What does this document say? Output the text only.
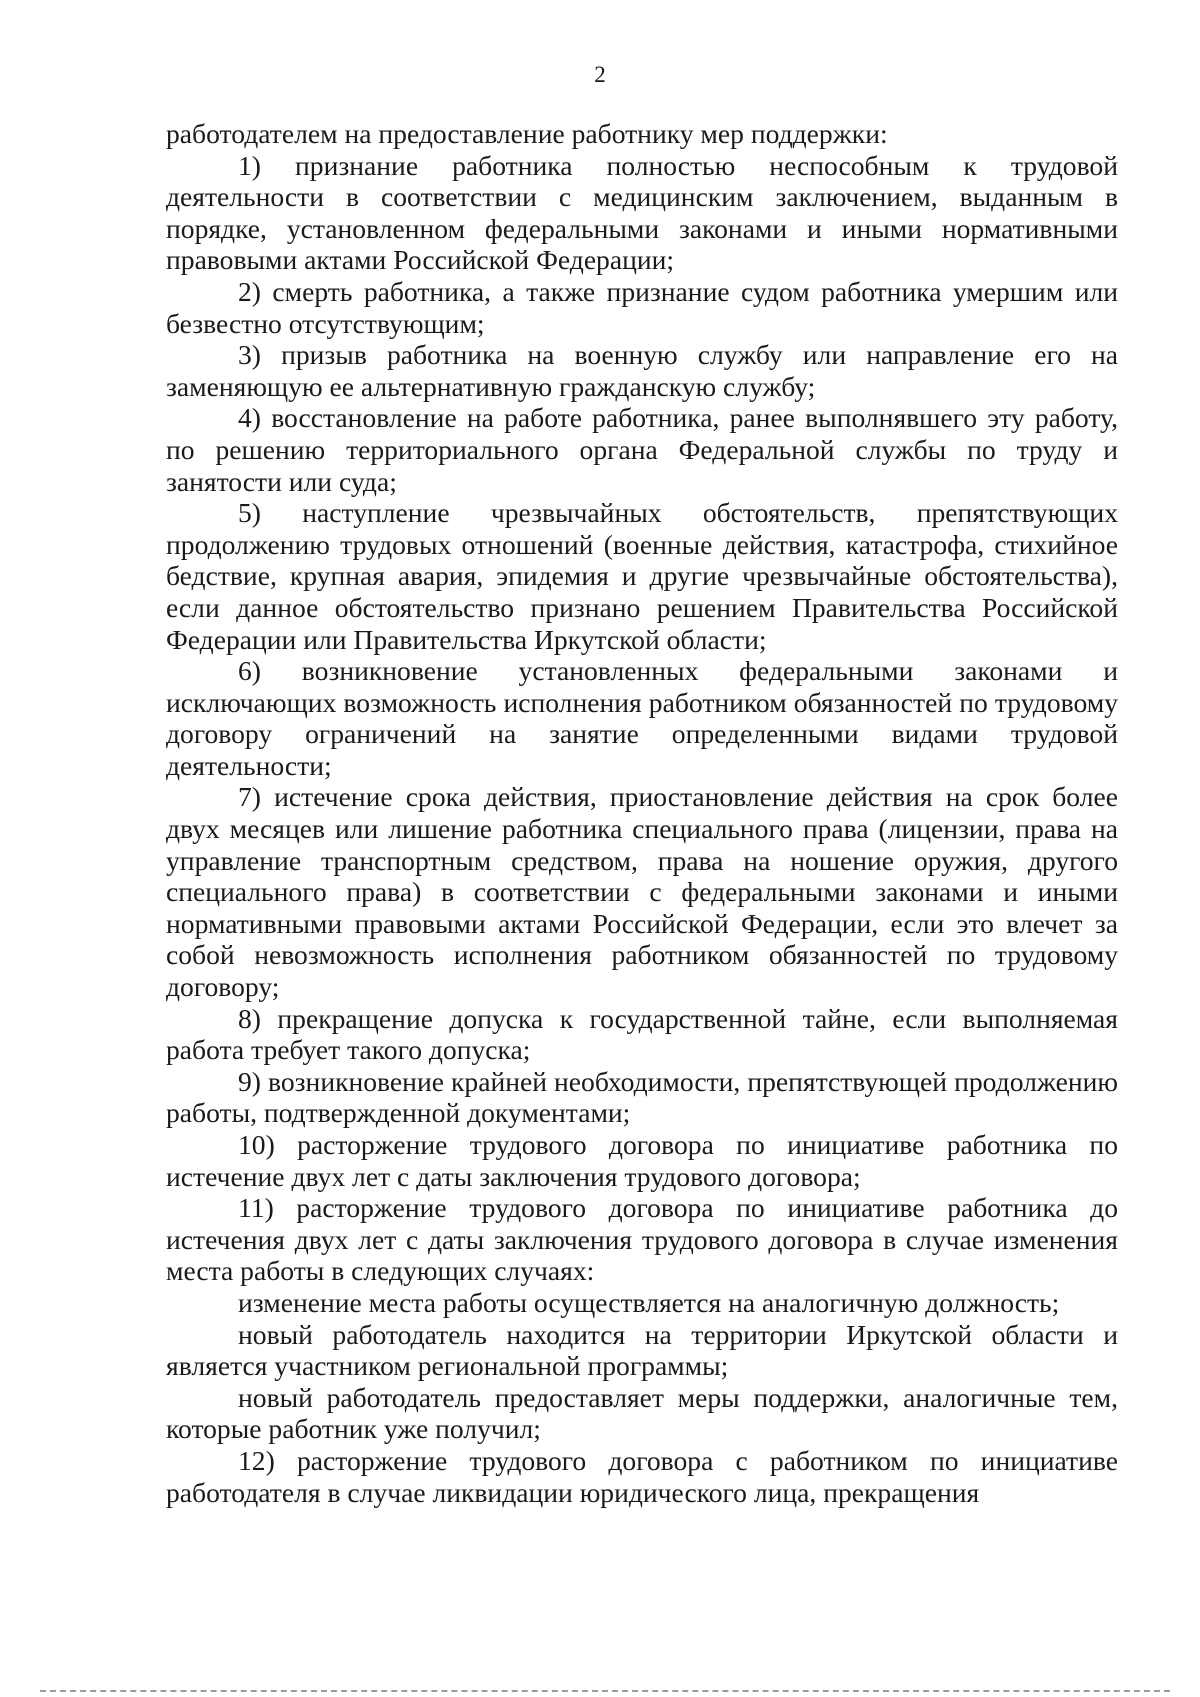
2

работодателем на предоставление работнику мер поддержки:

1) признание работника полностью неспособным к трудовой деятельности в соответствии с медицинским заключением, выданным в порядке, установленном федеральными законами и иными нормативными правовыми актами Российской Федерации;

2) смерть работника, а также признание судом работника умершим или безвестно отсутствующим;

3) призыв работника на военную службу или направление его на заменяющую ее альтернативную гражданскую службу;

4) восстановление на работе работника, ранее выполнявшего эту работу, по решению территориального органа Федеральной службы по труду и занятости или суда;

5) наступление чрезвычайных обстоятельств, препятствующих продолжению трудовых отношений (военные действия, катастрофа, стихийное бедствие, крупная авария, эпидемия и другие чрезвычайные обстоятельства), если данное обстоятельство признано решением Правительства Российской Федерации или Правительства Иркутской области;

6) возникновение установленных федеральными законами и исключающих возможность исполнения работником обязанностей по трудовому договору ограничений на занятие определенными видами трудовой деятельности;

7) истечение срока действия, приостановление действия на срок более двух месяцев или лишение работника специального права (лицензии, права на управление транспортным средством, права на ношение оружия, другого специального права) в соответствии с федеральными законами и иными нормативными правовыми актами Российской Федерации, если это влечет за собой невозможность исполнения работником обязанностей по трудовому договору;

8) прекращение допуска к государственной тайне, если выполняемая работа требует такого допуска;

9) возникновение крайней необходимости, препятствующей продолжению работы, подтвержденной документами;

10) расторжение трудового договора по инициативе работника по истечение двух лет с даты заключения трудового договора;

11) расторжение трудового договора по инициативе работника до истечения двух лет с даты заключения трудового договора в случае изменения места работы в следующих случаях:

изменение места работы осуществляется на аналогичную должность;

новый работодатель находится на территории Иркутской области и является участником региональной программы;

новый работодатель предоставляет меры поддержки, аналогичные тем, которые работник уже получил;

12) расторжение трудового договора с работником по инициативе работодателя в случае ликвидации юридического лица, прекращения
